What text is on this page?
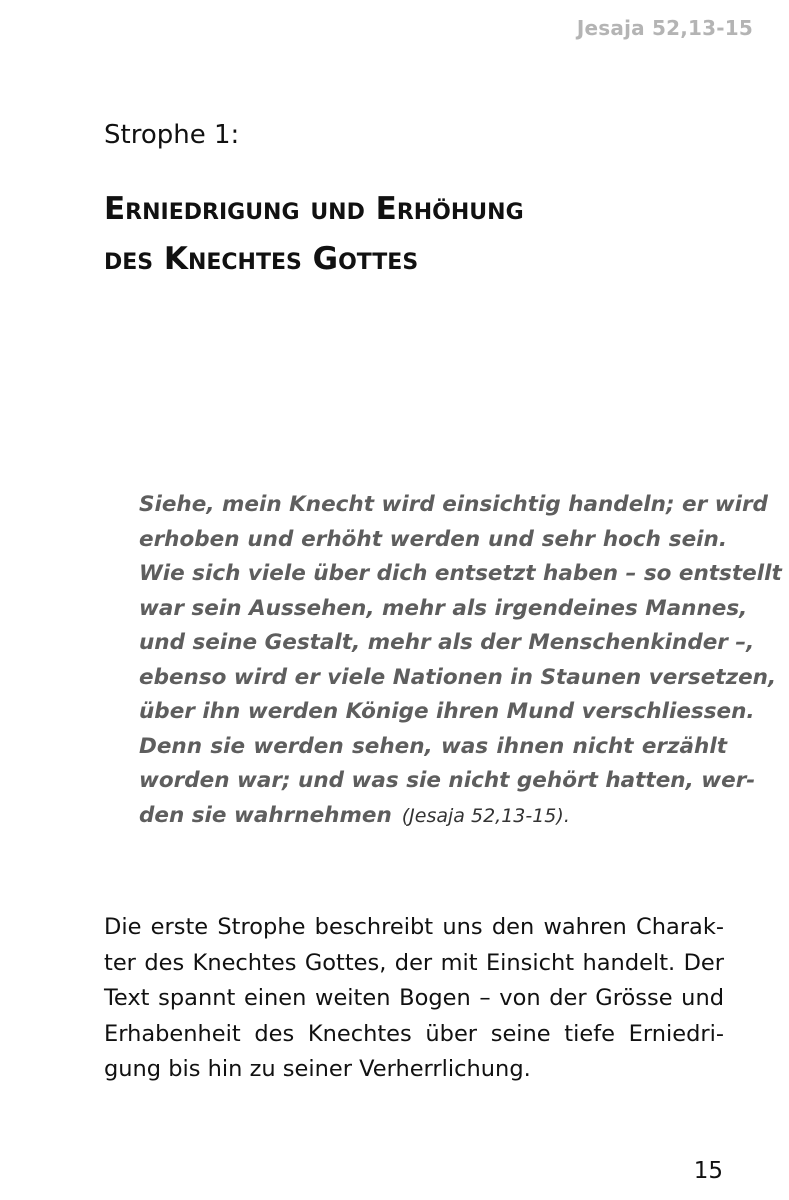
Jesaja 52,13-15
Strophe 1:
Erniedrigung und Erhöhung
des Knechtes Gottes
Siehe, mein Knecht wird einsichtig handeln; er wird
erhoben und erhöht werden und sehr hoch sein.
Wie sich viele über dich entsetzt haben – so entstellt
war sein Aussehen, mehr als irgendeines Mannes,
und seine Gestalt, mehr als der Menschenkinder –,
ebenso wird er viele Nationen in Staunen versetzen,
über ihn werden Könige ihren Mund verschliessen.
Denn sie werden sehen, was ihnen nicht erzählt
worden war; und was sie nicht gehört hatten, wer-
den sie wahrnehmen (Jesaja 52,13-15).

Die erste Strophe beschreibt uns den wahren Charak-
ter des Knechtes Gottes, der mit Einsicht handelt. Der
Text spannt einen weiten Bogen – von der Grösse und
Erhabenheit des Knechtes über seine tiefe Erniedri-
gung bis hin zu seiner Verherrlichung.

15
